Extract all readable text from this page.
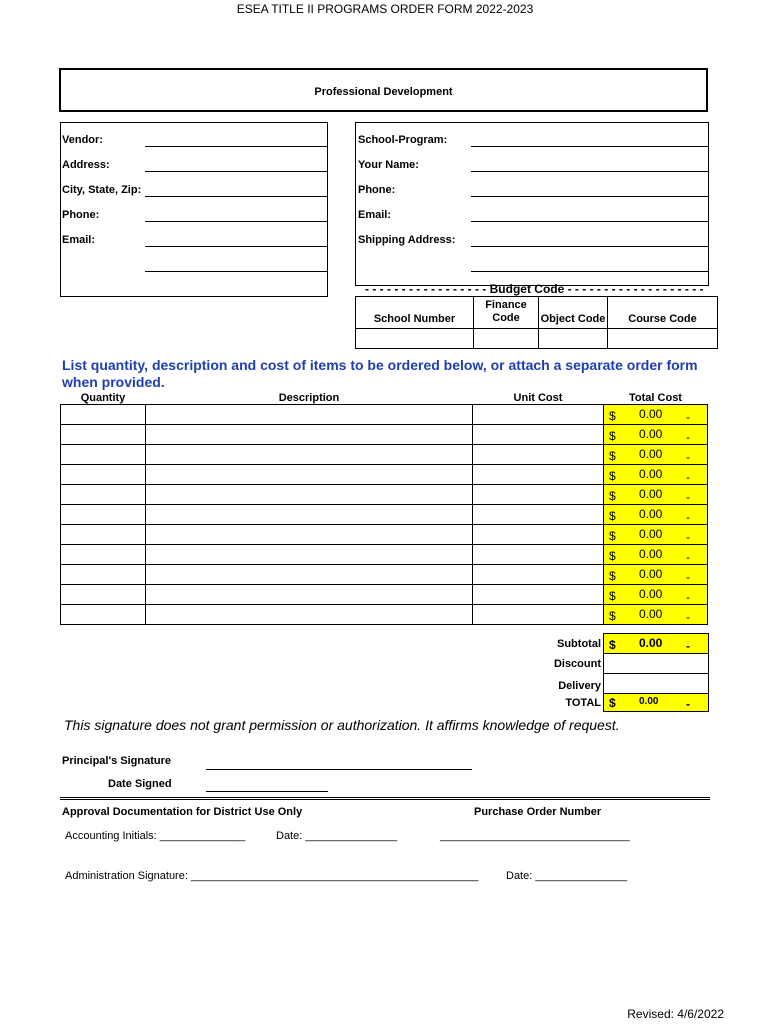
ESEA TITLE II PROGRAMS ORDER FORM 2022-2023
Professional Development
Vendor:
Address:
City, State, Zip:
Phone:
Email:
School-Program:
Your Name:
Phone:
Email:
Shipping Address:
- - - - - - - - - - - - - - - - - Budget Code - - - - - - - - - - - - - - - - - - -
School Number	Finance Code	Object Code	Course Code

List quantity, description and cost of items to be ordered below, or attach a separate order form when provided.
Quantity	Description	Unit Cost	Total Cost

			$ 0.00 -

			$ 0.00 -

			$ 0.00 -

			$ 0.00 -

			$ 0.00 -

			$ 0.00 -

			$ 0.00 -

			$ 0.00 -

			$ 0.00 -

			$ 0.00 -

			$ 0.00 -
Subtotal	$ 0.00 -

Discount	
Delivery	
TOTAL	$ 0.00 -
This signature does not grant permission or authorization. It affirms knowledge of request.
Principal's Signature
Date Signed
Approval Documentation for District Use Only	Purchase Order Number
Accounting Initials: ______________	Date: _______________	_______________________________
Administration Signature: _______________________________________________	Date: _______________
Revised: 4/6/2022
